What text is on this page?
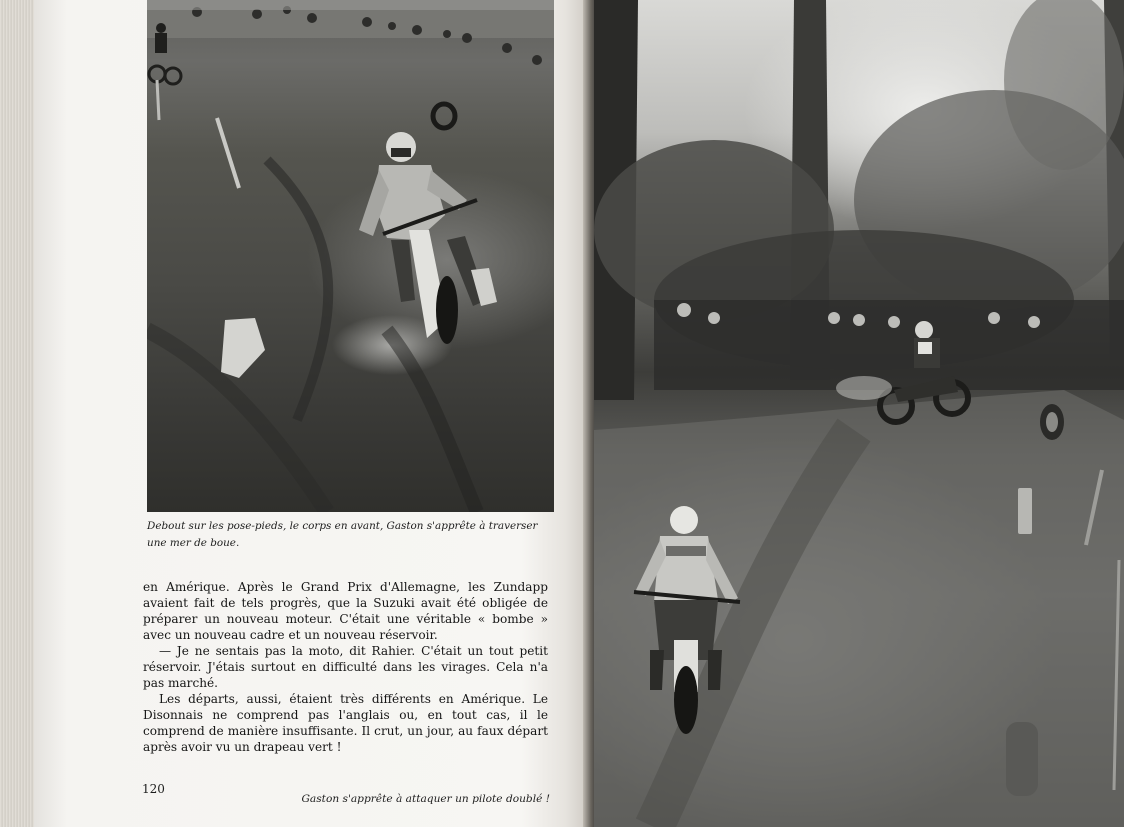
Debout sur les pose-pieds, le corps en avant, Gaston s'apprête à traverser une mer de boue.

en Amérique. Après le Grand Prix d'Allemagne, les Zundapp avaient fait de tels progrès, que la Suzuki avait été obligée de préparer un nouveau moteur. C'était une véritable « bombe » avec un nouveau cadre et un nouveau réservoir.

— Je ne sentais pas la moto, dit Rahier. C'était un tout petit réservoir. J'étais surtout en difficulté dans les virages. Cela n'a pas marché.

Les départs, aussi, étaient très différents en Amérique. Le Disonnais ne comprend pas l'anglais ou, en tout cas, il le comprend de manière insuffisante. Il crut, un jour, au faux départ après avoir vu un drapeau vert !

120
Gaston s'apprête à attaquer un pilote doublé !
